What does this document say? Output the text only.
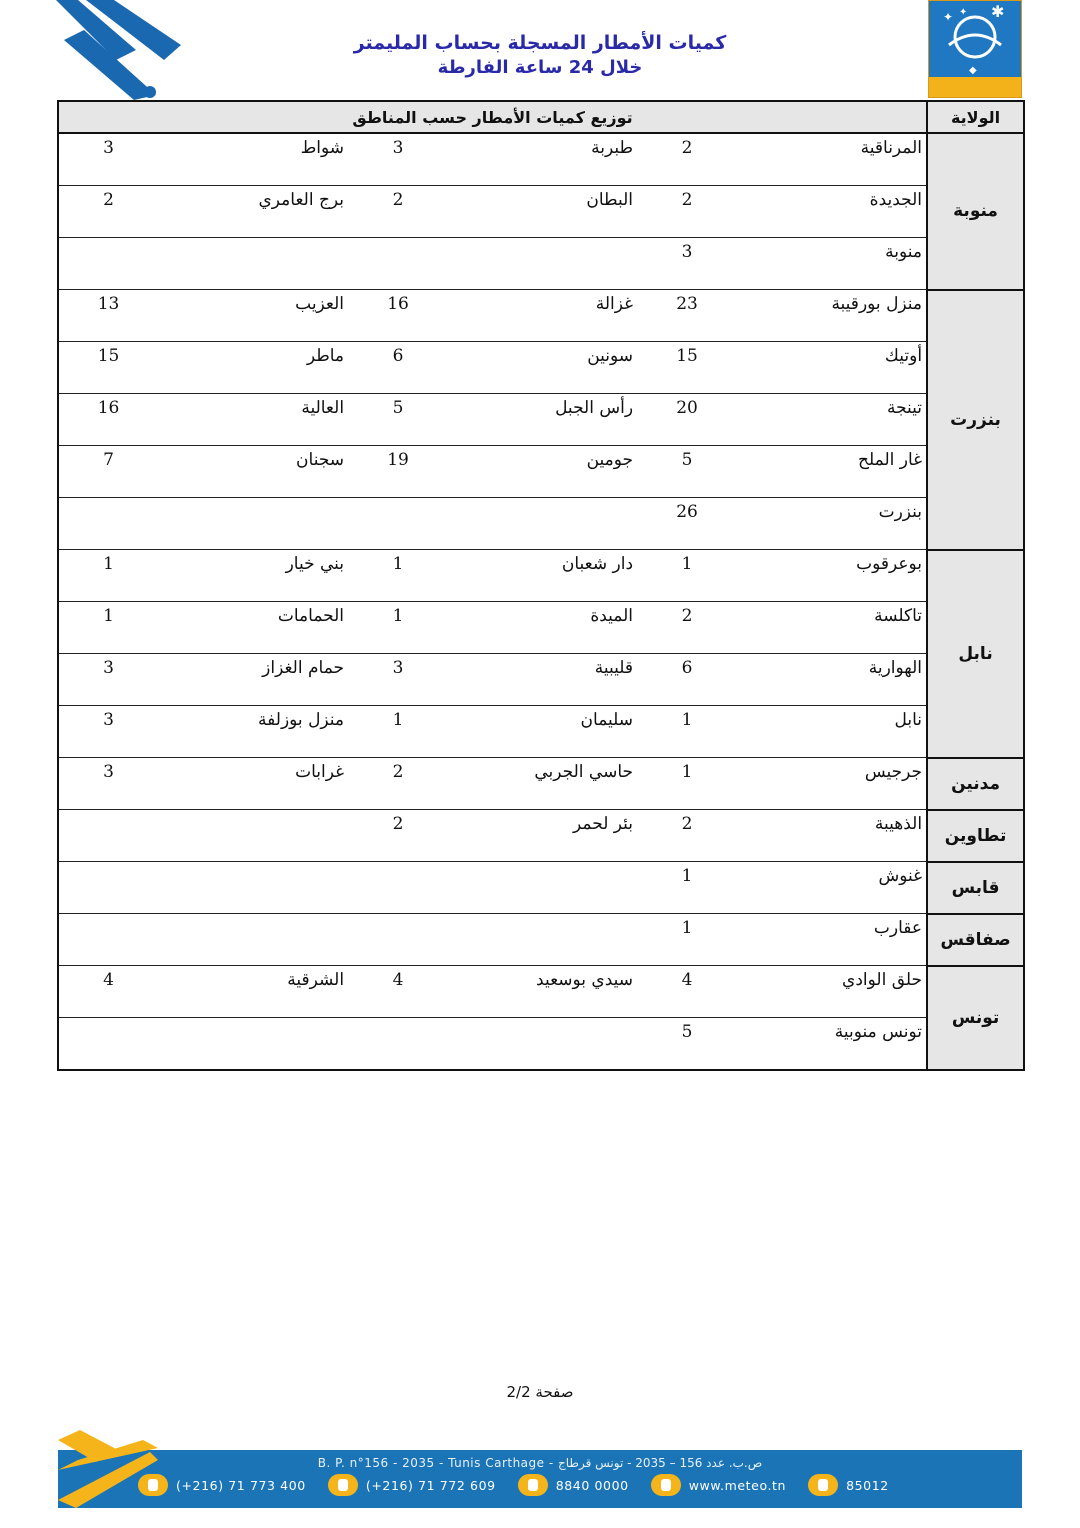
كميات الأمطار المسجلة بحساب المليمتر
خلال 24 ساعة الفارطة
✦ ✦ ✱
◆
الولاية	توزيع كميات الأمطار حسب المناطق					
منوبة	المرناقية	2	طبربة	3	شواط	3
	الجديدة	2	البطان	2	برج العامري	2
	منوبة	3				
بنزرت	منزل بورقيبة	23	غزالة	16	العزيب	13
	أوتيك	15	سونين	6	ماطر	15
	تينجة	20	رأس الجبل	5	العالية	16
	غار الملح	5	جومين	19	سجنان	7
	بنزرت	26				
نابل	بوعرقوب	1	دار شعبان	1	بني خيار	1
	تاكلسة	2	الميدة	1	الحمامات	1
	الهوارية	6	قليبية	3	حمام الغزاز	3
	نابل	1	سليمان	1	منزل بوزلفة	3
مدنين	جرجيس	1	حاسي الجربي	2	غرابات	3
تطاوين	الذهيبة	2	بئر لحمر	2		
قابس	غنوش	1				
صفاقس	عقارب	1				
تونس	حلق الوادي	4	سيدي بوسعيد	4	الشرقية	4
	تونس منوبية	5				
صفحة 2/2
B. P. n°156 - 2035 - Tunis Carthage - ص.ب. عدد 156 – 2035 - تونس قرطاج
(+216) 71 773 400	(+216) 71 772 609	8840 0000	www.meteo.tn	85012
